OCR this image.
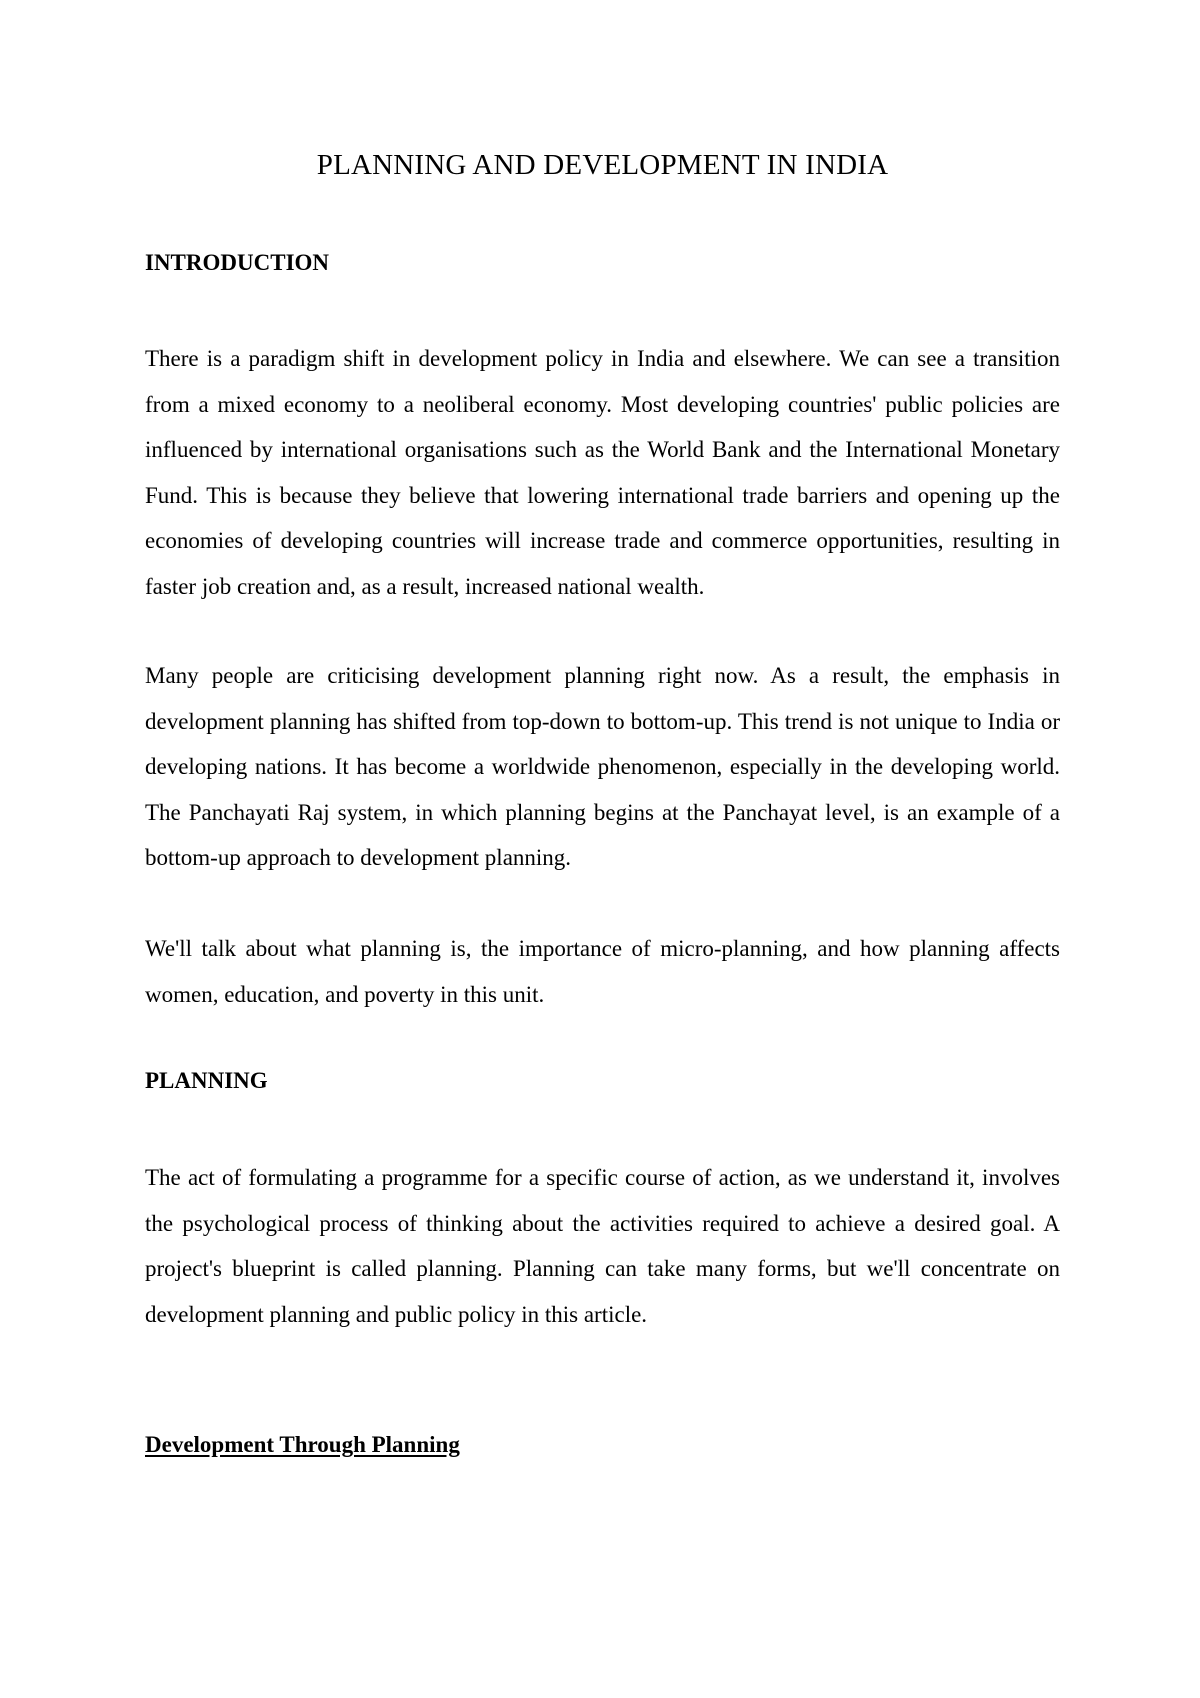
PLANNING AND DEVELOPMENT IN INDIA
INTRODUCTION

There is a paradigm shift in development policy in India and elsewhere. We can see a transition from a mixed economy to a neoliberal economy. Most developing countries' public policies are influenced by international organisations such as the World Bank and the International Monetary Fund. This is because they believe that lowering international trade barriers and opening up the economies of developing countries will increase trade and commerce opportunities, resulting in faster job creation and, as a result, increased national wealth.

Many people are criticising development planning right now. As a result, the emphasis in development planning has shifted from top-down to bottom-up. This trend is not unique to India or developing nations. It has become a worldwide phenomenon, especially in the developing world. The Panchayati Raj system, in which planning begins at the Panchayat level, is an example of a bottom-up approach to development planning.

We'll talk about what planning is, the importance of micro-planning, and how planning affects women, education, and poverty in this unit.

PLANNING

The act of formulating a programme for a specific course of action, as we understand it, involves the psychological process of thinking about the activities required to achieve a desired goal. A project's blueprint is called planning. Planning can take many forms, but we'll concentrate on development planning and public policy in this article.

Development Through Planning
